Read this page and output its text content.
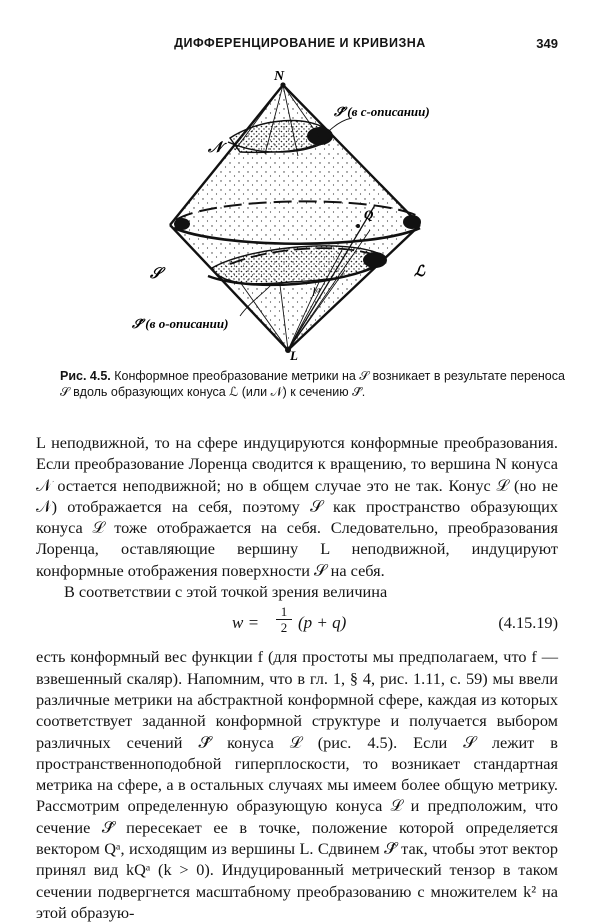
ДИФФЕРЕНЦИРОВАНИЕ И КРИВИЗНА	349
N
𝒩
𝒮	ℒ
Q
lᵃ
L
𝒮̂ (в с-описании)
𝒮̂ (в о-описании)
Рис. 4.5. Конформное преобразование метрики на 𝒮 возникает в результате переноса 𝒮 вдоль образующих конуса ℒ (или 𝒩) к сечению 𝒮̂.

L неподвижной, то на сфере индуцируются конформные преобразования. Если преобразование Лоренца сводится к вращению, то вершина N конуса 𝒩 остается неподвижной; но в общем случае это не так. Конус ℒ (но не 𝒩) отображается на себя, поэтому 𝒮 как пространство образующих конуса ℒ тоже отображается на себя. Следовательно, преобразования Лоренца, оставляющие вершину L неподвижной, индуцируют конформные отображения поверхности 𝒮 на себя.

В соответствии с этой точкой зрения величина

$w = \frac{1}{2} (p + q)$	(4.15.19)

есть конформный вес функции f (для простоты мы предполагаем, что f — взвешенный скаляр). Напомним, что в гл. 1, § 4, рис. 1.11, с. 59) мы ввели различные метрики на абстрактной конформной сфере, каждая из которых соответствует заданной конформной структуре и получается выбором различных сечений 𝒮̂ конуса ℒ (рис. 4.5). Если 𝒮 лежит в пространственноподобной гиперплоскости, то возникает стандартная метрика на сфере, а в остальных случаях мы имеем более общую метрику. Рассмотрим определенную образующую конуса ℒ и предположим, что сечение 𝒮̂ пересекает ее в точке, положение которой определяется вектором Qᵃ, исходящим из вершины L. Сдвинем 𝒮̂ так, чтобы этот вектор принял вид kQᵃ (k > 0). Индуцированный метрический тензор в таком сечении подвергнется масштабному преобразованию с множителем k² на этой образую-
